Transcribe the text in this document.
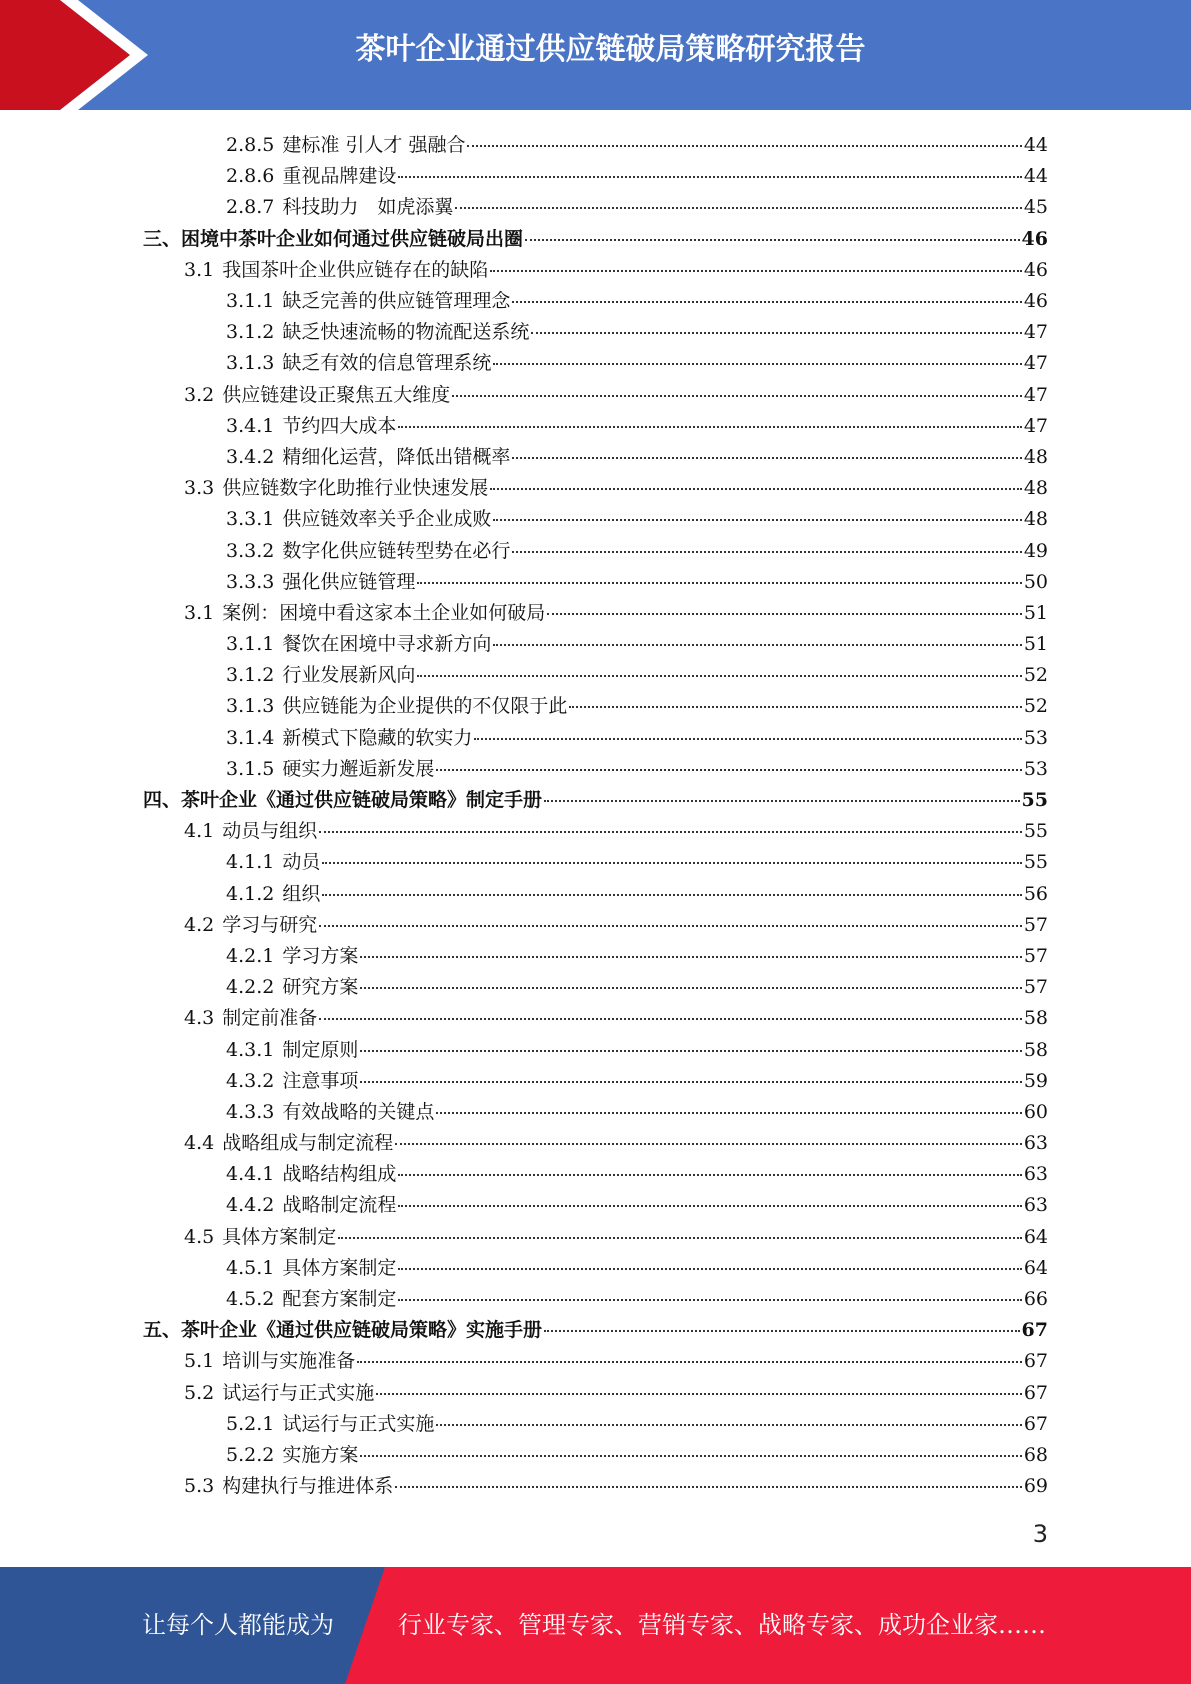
茶叶企业通过供应链破局策略研究报告
2.8.5 建标准 引人才 强融合	44
2.8.6 重视品牌建设	44
2.8.7 科技助力　如虎添翼	45
三、困境中茶叶企业如何通过供应链破局出圈	46
3.1 我国茶叶企业供应链存在的缺陷	46
3.1.1 缺乏完善的供应链管理理念	46
3.1.2 缺乏快速流畅的物流配送系统	47
3.1.3 缺乏有效的信息管理系统	47
3.2 供应链建设正聚焦五大维度	47
3.4.1 节约四大成本	47
3.4.2 精细化运营，降低出错概率	48
3.3 供应链数字化助推行业快速发展	48
3.3.1 供应链效率关乎企业成败	48
3.3.2 数字化供应链转型势在必行	49
3.3.3 强化供应链管理	50
3.1 案例：困境中看这家本土企业如何破局	51
3.1.1 餐饮在困境中寻求新方向	51
3.1.2 行业发展新风向	52
3.1.3 供应链能为企业提供的不仅限于此	52
3.1.4 新模式下隐藏的软实力	53
3.1.5 硬实力邂逅新发展	53
四、茶叶企业《通过供应链破局策略》制定手册	55
4.1 动员与组织	55
4.1.1 动员	55
4.1.2 组织	56
4.2 学习与研究	57
4.2.1 学习方案	57
4.2.2 研究方案	57
4.3 制定前准备	58
4.3.1 制定原则	58
4.3.2 注意事项	59
4.3.3 有效战略的关键点	60
4.4 战略组成与制定流程	63
4.4.1 战略结构组成	63
4.4.2 战略制定流程	63
4.5 具体方案制定	64
4.5.1 具体方案制定	64
4.5.2 配套方案制定	66
五、茶叶企业《通过供应链破局策略》实施手册	67
5.1 培训与实施准备	67
5.2 试运行与正式实施	67
5.2.1 试运行与正式实施	67
5.2.2 实施方案	68
5.3 构建执行与推进体系	69
3
让每个人都能成为	行业专家、管理专家、营销专家、战略专家、成功企业家……
